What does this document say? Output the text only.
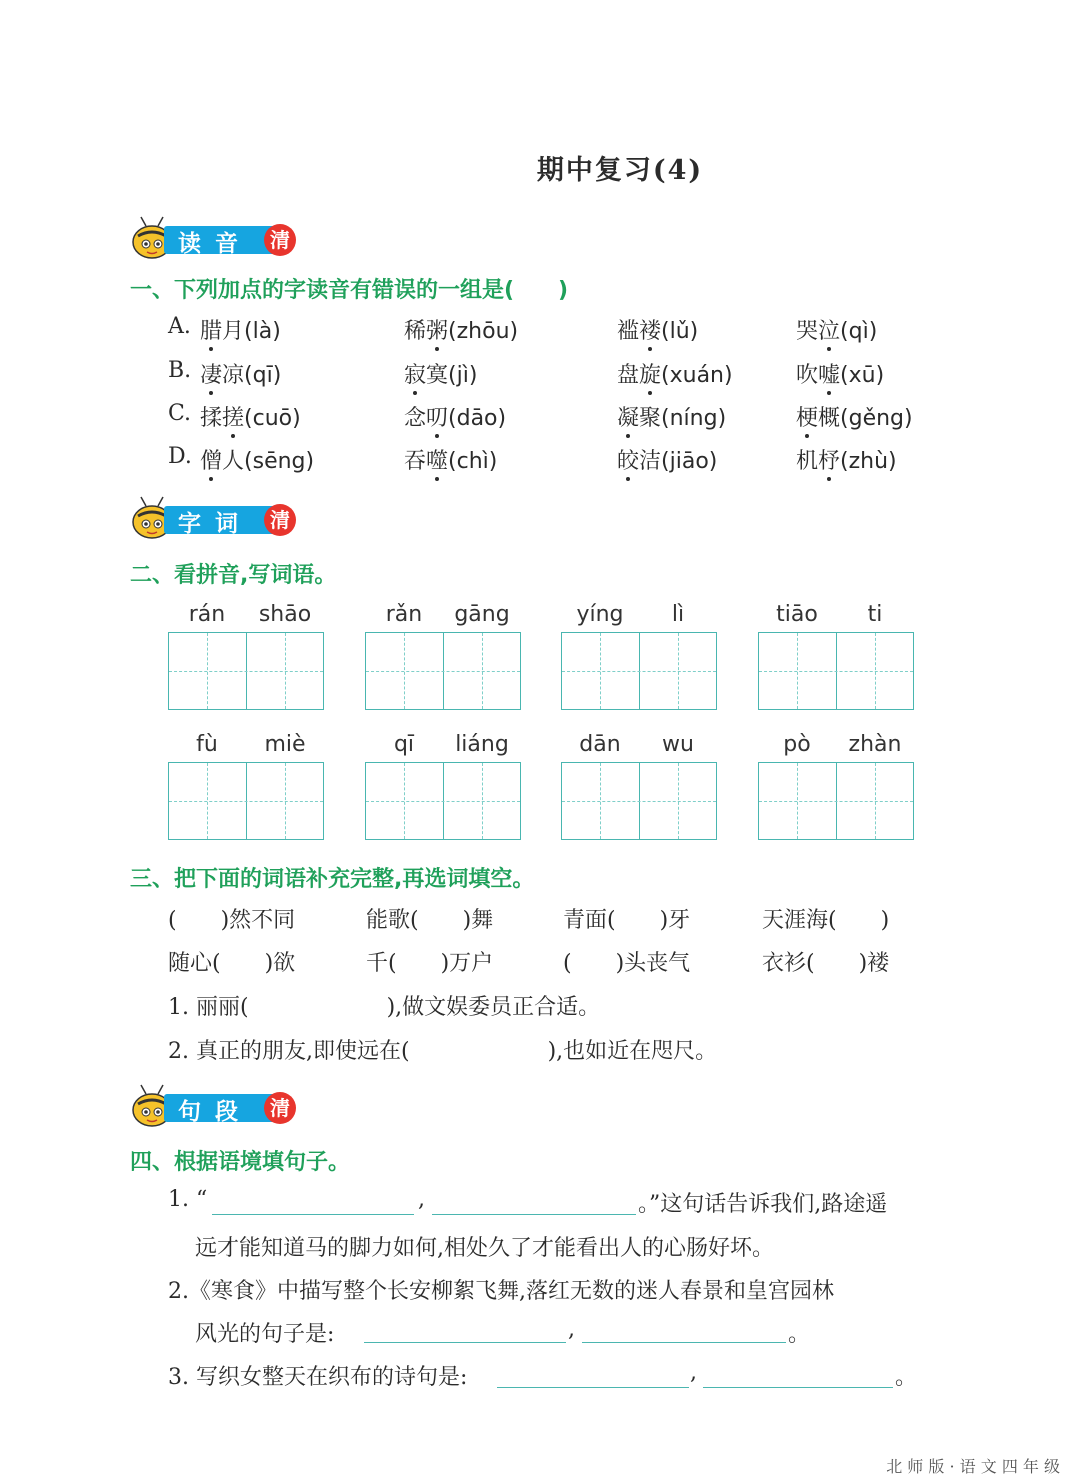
期中复习(4)
读音 清
一、下列加点的字读音有错误的一组是(　　)
A. 腊月(là)	稀粥(zhōu)	褴褛(lǔ)	哭泣(qì)
B. 凄凉(qī)	寂寞(jì)	盘旋(xuán)	吹嘘(xū)
C. 揉搓(cuō)	念叨(dāo)	凝聚(níng)	梗概(gěng)
D. 僧人(sēng)	吞噬(chì)	皎洁(jiāo)	机杼(zhù)
字词 清
二、看拼音,写词语。
rán	shāo	rǎn	gāng	yíng	lì	tiāo	ti
fù	miè	qī	liáng	dān	wu	pò	zhàn
三、把下面的词语补充完整,再选词填空。
(　　)然不同	能歌(　　)舞	青面(　　)牙	天涯海(　　)
随心(　　)欲	千(　　)万户	(　　)头丧气	衣衫(　　)褛
1. 丽丽(	),做文娱委员正合适。
2. 真正的朋友,即使远在(	),也如近在咫尺。
句段 清
四、根据语境填句子。
1. “	,	。”这句话告诉我们,路途遥
远才能知道马的脚力如何,相处久了才能看出人的心肠好坏。
2.《寒食》中描写整个长安柳絮飞舞,落红无数的迷人春景和皇宫园林
风光的句子是:	,	。
3. 写织女整天在织布的诗句是:	,	。
北 师 版 · 语 文 四 年 级
